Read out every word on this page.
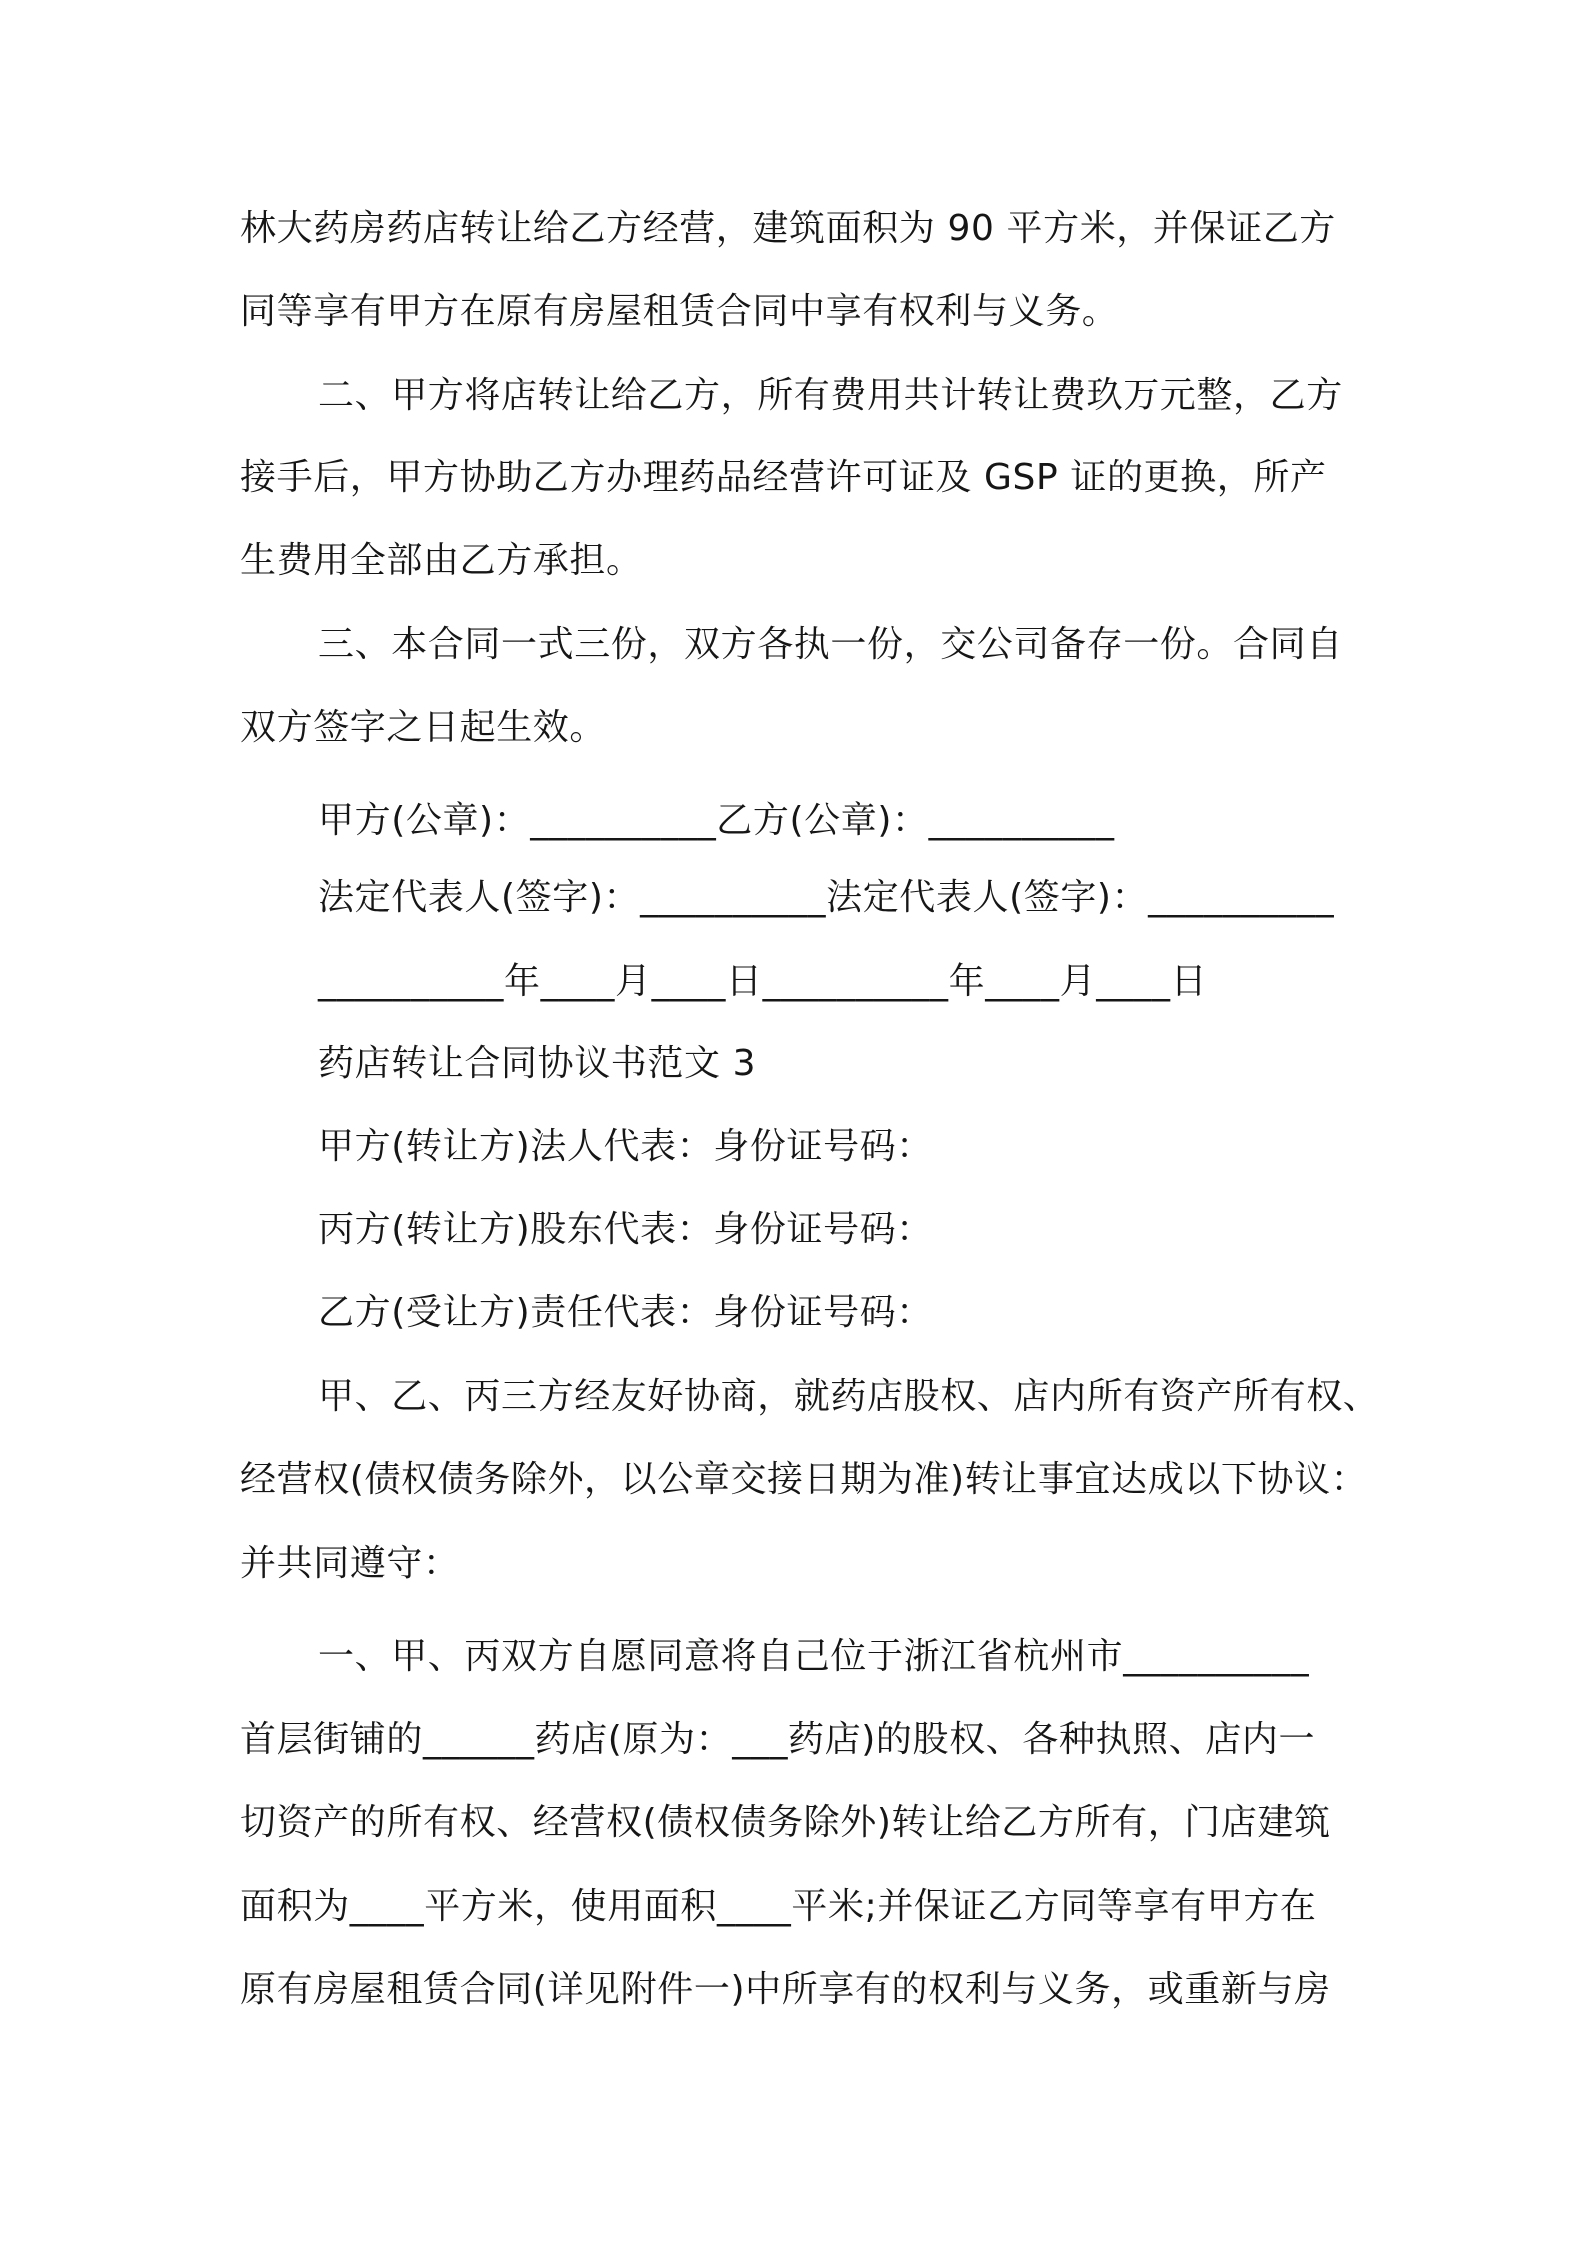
林大药房药店转让给乙方经营，建筑面积为 90 平方米，并保证乙方
同等享有甲方在原有房屋租赁合同中享有权利与义务。
二、甲方将店转让给乙方，所有费用共计转让费玖万元整，乙方
接手后，甲方协助乙方办理药品经营许可证及 GSP 证的更换，所产
生费用全部由乙方承担。
三、本合同一式三份，双方各执一份，交公司备存一份。合同自
双方签字之日起生效。
甲方(公章)：__________乙方(公章)：__________
法定代表人(签字)：__________法定代表人(签字)：__________
__________年____月____日__________年____月____日
药店转让合同协议书范文 3
甲方(转让方)法人代表：身份证号码：
丙方(转让方)股东代表：身份证号码：
乙方(受让方)责任代表：身份证号码：
甲、乙、丙三方经友好协商，就药店股权、店内所有资产所有权、
经营权(债权债务除外，以公章交接日期为准)转让事宜达成以下协议：
并共同遵守：
一、甲、丙双方自愿同意将自己位于浙江省杭州市__________
首层街铺的______药店(原为：___药店)的股权、各种执照、店内一
切资产的所有权、经营权(债权债务除外)转让给乙方所有，门店建筑
面积为____平方米，使用面积____平米;并保证乙方同等享有甲方在
原有房屋租赁合同(详见附件一)中所享有的权利与义务，或重新与房
